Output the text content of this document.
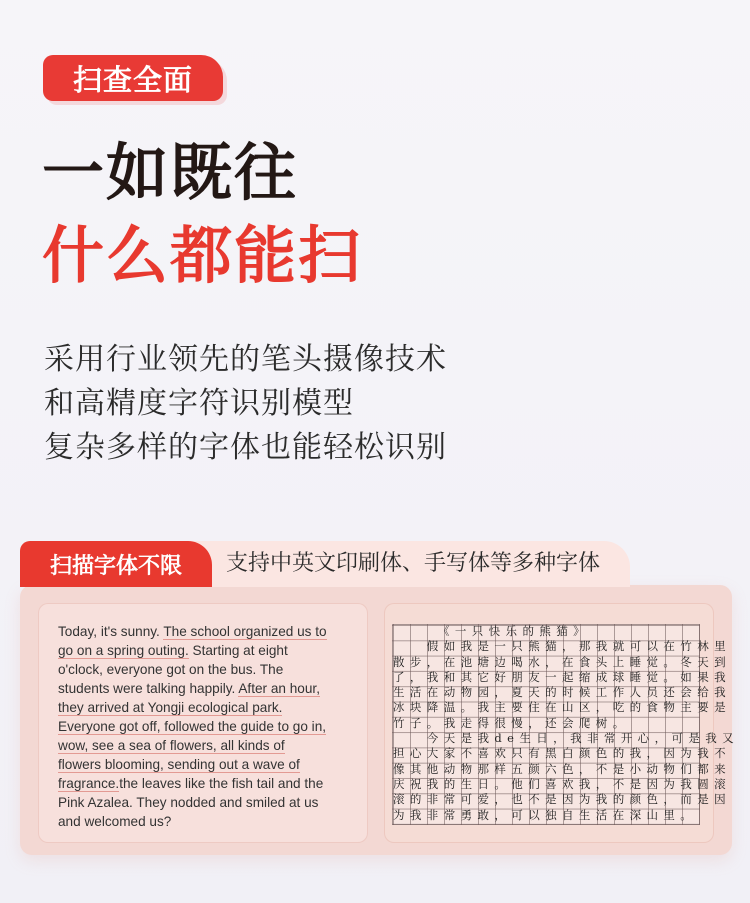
扫查全面
一如既往
什么都能扫
采用行业领先的笔头摄像技术
和高精度字符识别模型
复杂多样的字体也能轻松识别
支持中英文印刷体、手写体等多种字体
扫描字体不限
Today, it's sunny. The school organized us to
go on a spring outing. Starting at eight
o'clock, everyone got on the bus. The
students were talking happily. After an hour,
they arrived at Yongji ecological park.
Everyone got off, followed the guide to go in,
wow, see a sea of flowers, all kinds of
flowers blooming, sending out a wave of
fragrance.the leaves like the fish tail and the
Pink Azalea. They nodded and smiled at us
and welcomed us?
　　　《一只快乐的熊猫》
　　假如我是一只熊猫，那我就可以在竹林里
散步，在池塘边喝水，在食头上睡觉。冬天到
了，我和其它好朋友一起缩成球睡觉。如果我
生活在动物园，夏天的时候工作人员还会给我
冰块降温。我主要住在山区，吃的食物主要是
竹子。我走得很慢，还会爬树。
　　今天是我de生日，我非常开心，可是我又
担心大家不喜欢只有黑白颜色的我，因为我不
像其他动物那样五颜六色，不是小动物们都来
庆祝我的生日。他们喜欢我，不是因为我圆滚
滚的非常可爱，也不是因为我的颜色，而是因
为我非常勇敢，可以独自生活在深山里。
